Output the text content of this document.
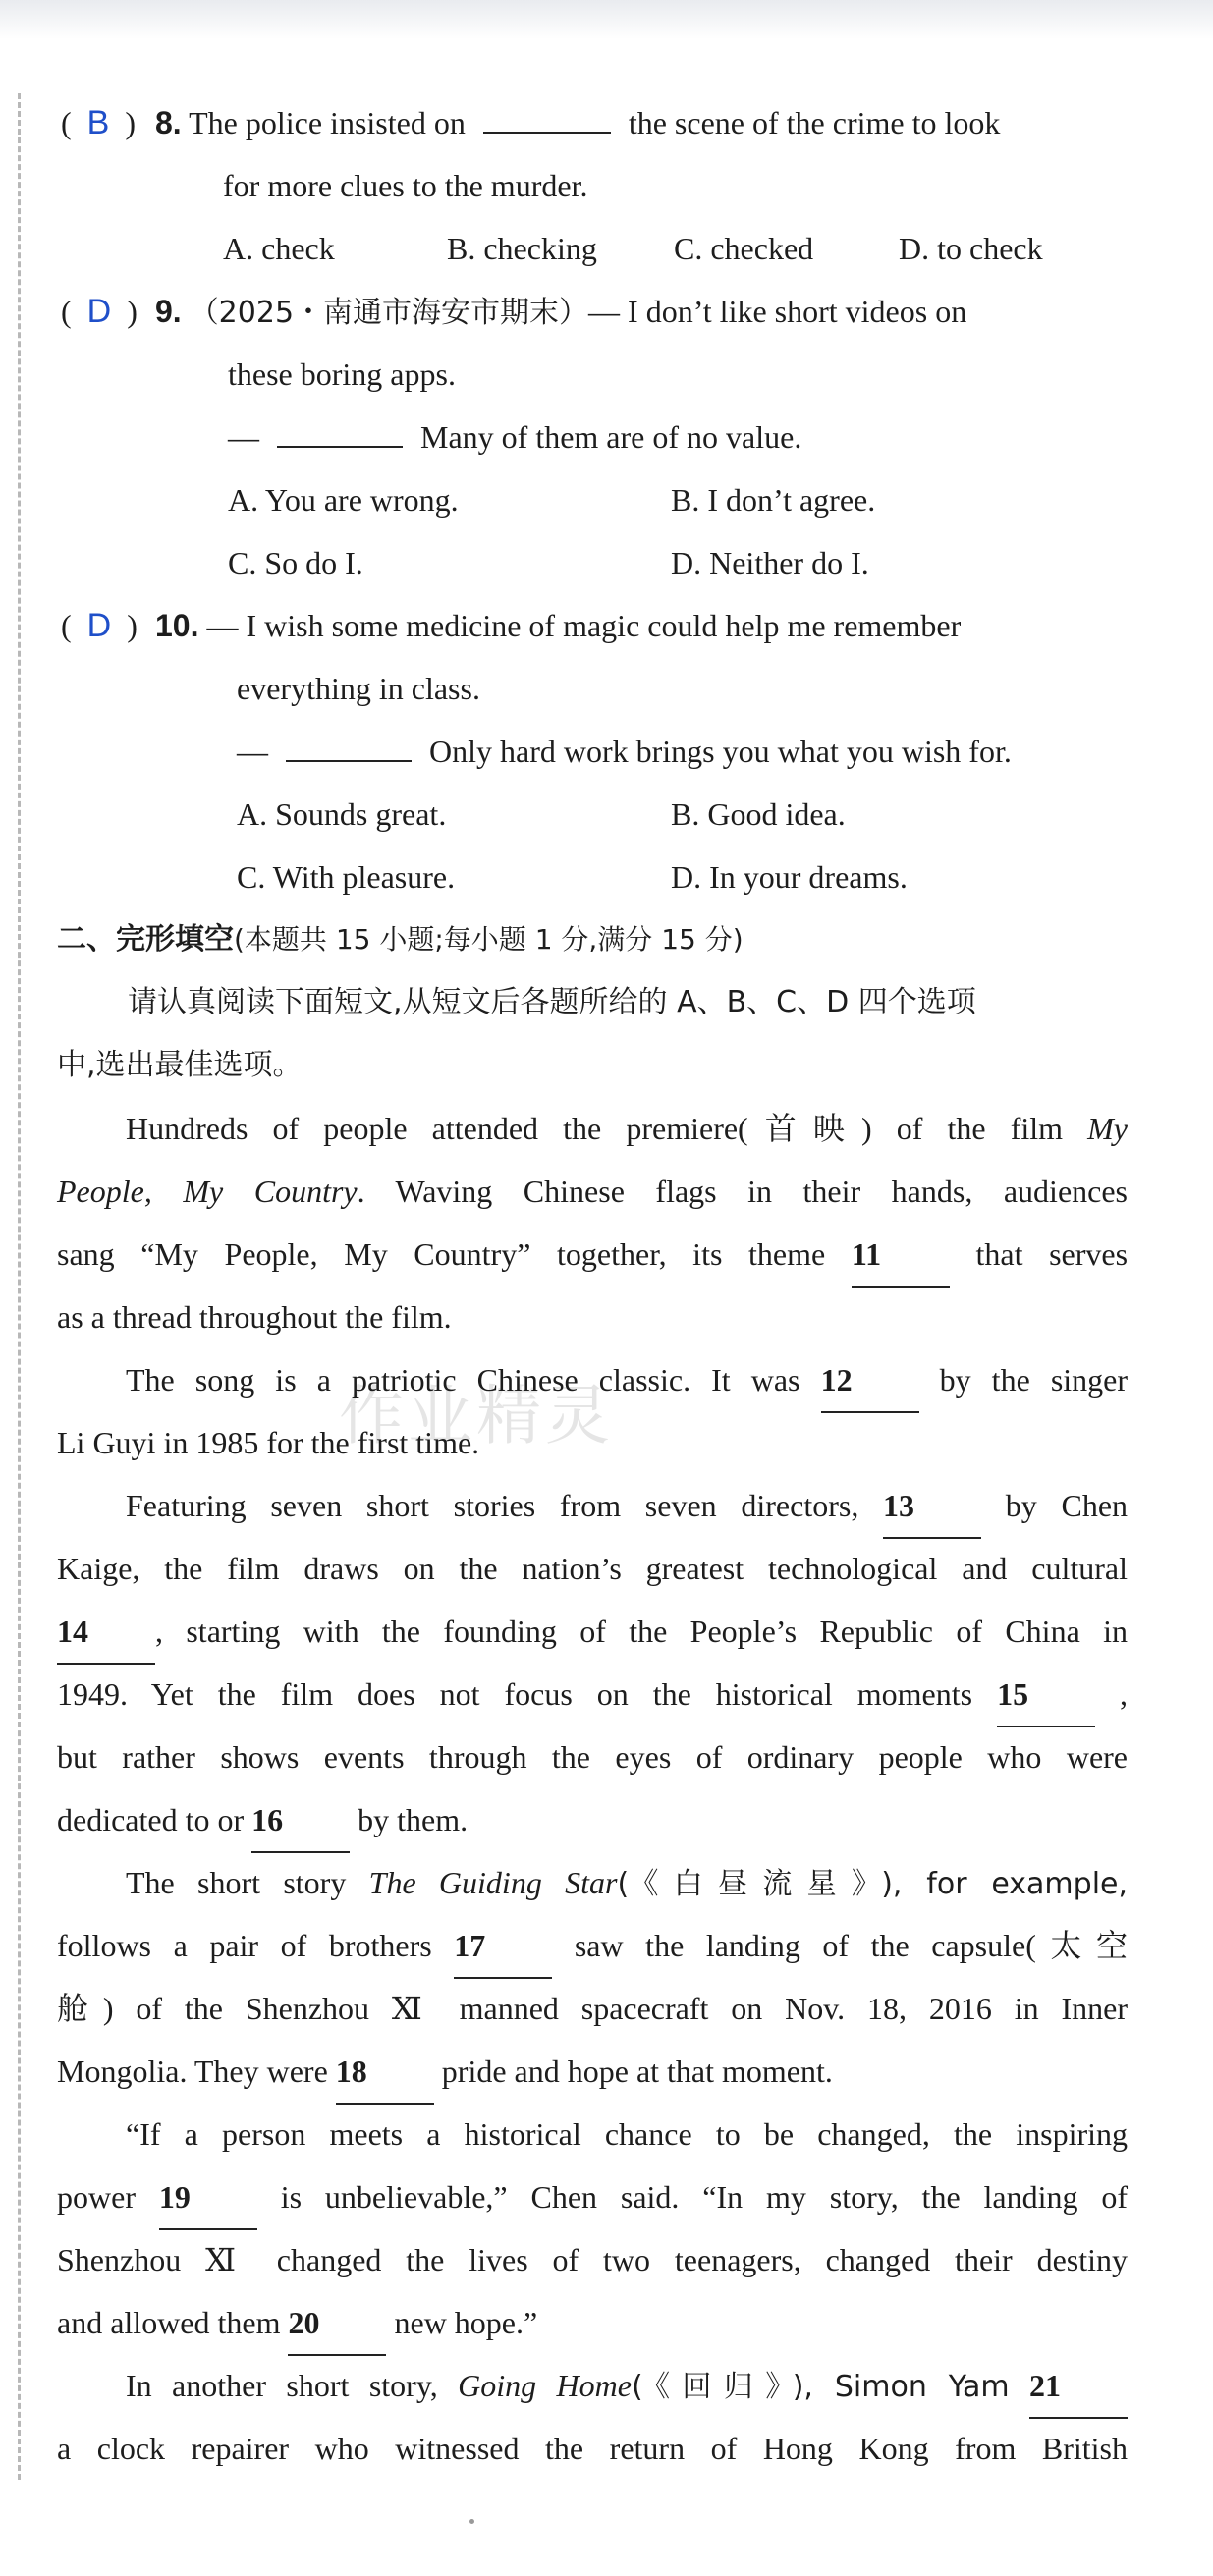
作业精灵
(  B  ) 8. The police insisted on	the scene of the crime to look
for more clues to the murder.
A. check	B. checking C. checked	D. to check
(  D  ) 9. （2025・南通市海安市期末）— I don’t like short videos on
these boring apps.
—	Many of them are of no value.
A. You are wrong.	B. I don’t agree.
C. So do I.	D. Neither do I.
(  D  ) 10. — I wish some medicine of magic could help me remember
everything in class.
—	Only hard work brings you what you wish for.
A. Sounds great.	B. Good idea.
C. With pleasure.	D. In your dreams.
二、完形填空(本题共 15 小题;每小题 1 分,满分 15 分)
请认真阅读下面短文,从短文后各题所给的 A、B、C、D 四个选项
中,选出最佳选项。
Hundreds of people attended the premiere(首映) of the film My
People, My Country. Waving Chinese flags in their hands, audiences
sang “My People, My Country” together, its theme 11	that serves
as a thread throughout the film.
The song is a patriotic Chinese classic. It was 12	by the singer
Li Guyi in 1985 for the first time.
Featuring seven short stories from seven directors, 13	by Chen
Kaige, the film draws on the nation’s greatest technological and cultural
14 , starting with the founding of the People’s Republic of China in
1949. Yet the film does not focus on the historical moments 15	,
but rather shows events through the eyes of ordinary people who were
dedicated to or 16 by them.
The short story The Guiding Star(《白昼流星》), for example,
follows a pair of brothers 17	saw the landing of the capsule(太空
舱) of the Shenzhou Ⅺ manned spacecraft on Nov. 18, 2016 in Inner
Mongolia. They were 18 pride and hope at that moment.
“If a person meets a historical chance to be changed, the inspiring
power 19	is unbelievable,” Chen said. “In my story, the landing of
Shenzhou Ⅺ changed the lives of two teenagers, changed their destiny
and allowed them 20 new hope.”
In another short story, Going Home(《回归》), Simon Yam 21
a clock repairer who witnessed the return of Hong Kong from British
